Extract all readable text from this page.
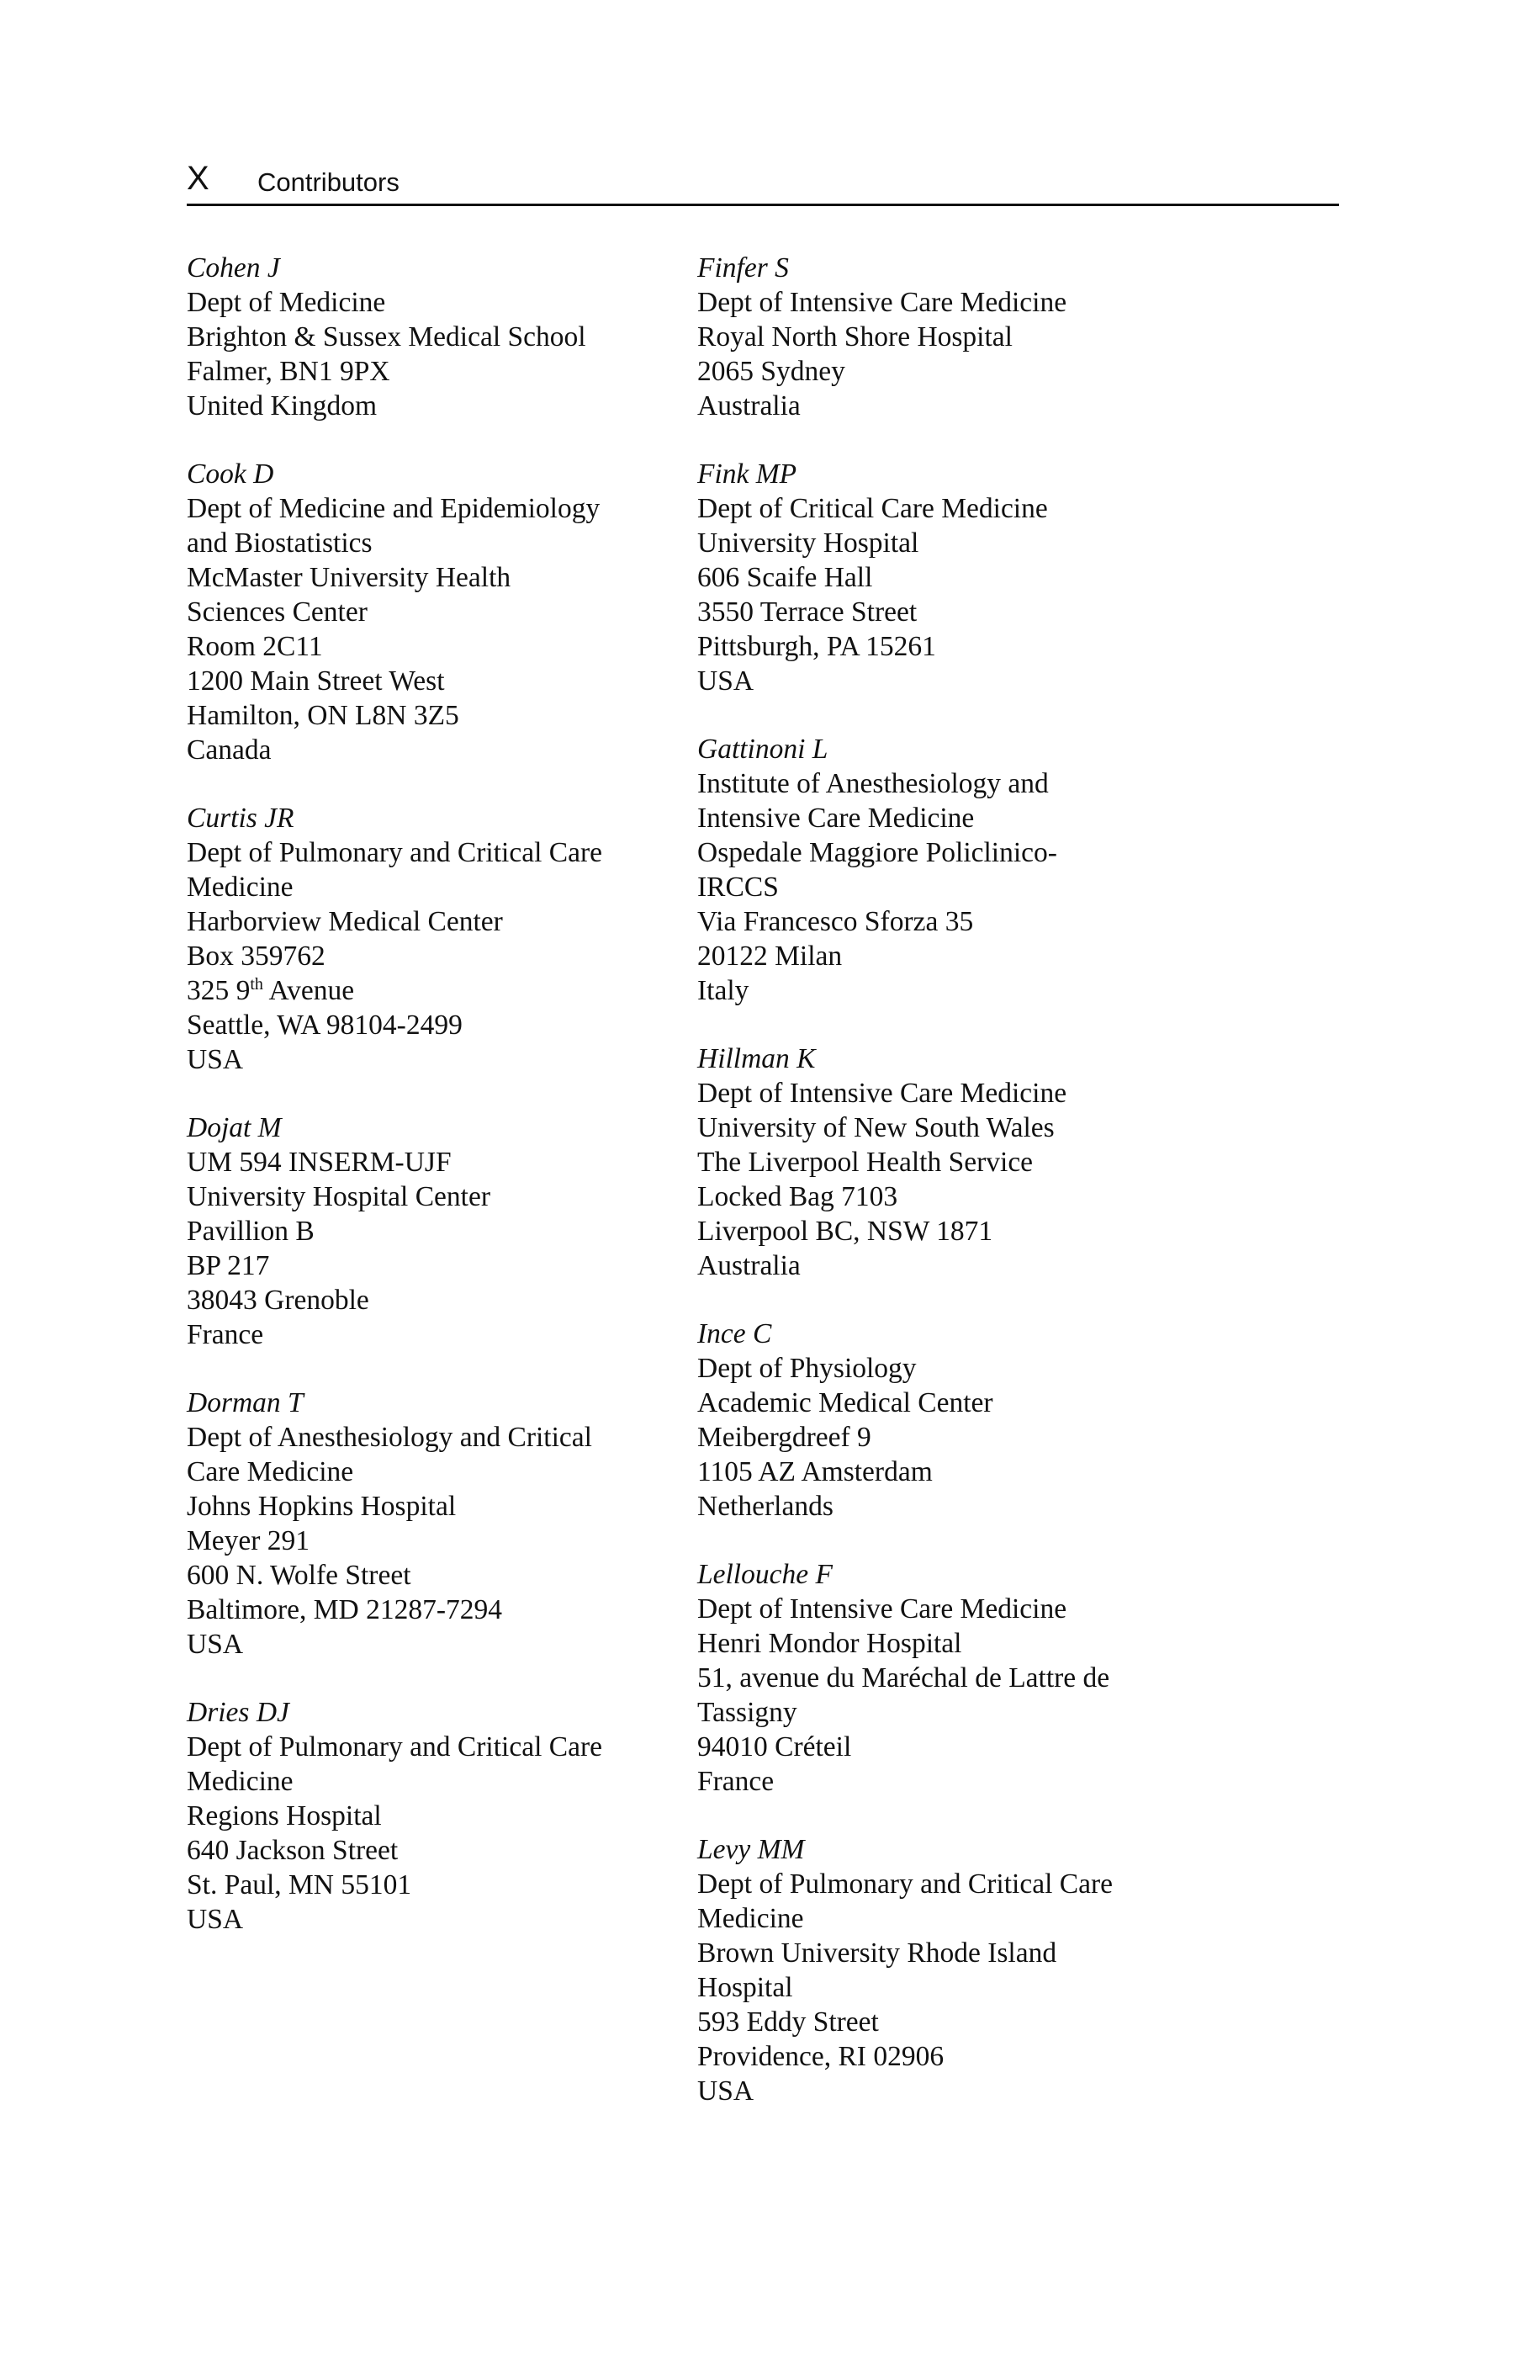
X Contributors
Cohen J
Dept of Medicine
Brighton & Sussex Medical School
Falmer, BN1 9PX
United Kingdom
Cook D
Dept of Medicine and Epidemiology
and Biostatistics
McMaster University Health
Sciences Center
Room 2C11
1200 Main Street West
Hamilton, ON L8N 3Z5
Canada
Curtis JR
Dept of Pulmonary and Critical Care
Medicine
Harborview Medical Center
Box 359762
325 9th Avenue
Seattle, WA 98104-2499
USA
Dojat M
UM 594 INSERM-UJF
University Hospital Center
Pavillion B
BP 217
38043 Grenoble
France
Dorman T
Dept of Anesthesiology and Critical
Care Medicine
Johns Hopkins Hospital
Meyer 291
600 N. Wolfe Street
Baltimore, MD 21287-7294
USA
Dries DJ
Dept of Pulmonary and Critical Care
Medicine
Regions Hospital
640 Jackson Street
St. Paul, MN 55101
USA
Finfer S
Dept of Intensive Care Medicine
Royal North Shore Hospital
2065 Sydney
Australia
Fink MP
Dept of Critical Care Medicine
University Hospital
606 Scaife Hall
3550 Terrace Street
Pittsburgh, PA 15261
USA
Gattinoni L
Institute of Anesthesiology and
Intensive Care Medicine
Ospedale Maggiore Policlinico-
IRCCS
Via Francesco Sforza 35
20122 Milan
Italy
Hillman K
Dept of Intensive Care Medicine
University of New South Wales
The Liverpool Health Service
Locked Bag 7103
Liverpool BC, NSW 1871
Australia
Ince C
Dept of Physiology
Academic Medical Center
Meibergdreef 9
1105 AZ Amsterdam
Netherlands
Lellouche F
Dept of Intensive Care Medicine
Henri Mondor Hospital
51, avenue du Maréchal de Lattre de
Tassigny
94010 Créteil
France
Levy MM
Dept of Pulmonary and Critical Care
Medicine
Brown University Rhode Island
Hospital
593 Eddy Street
Providence, RI 02906
USA
